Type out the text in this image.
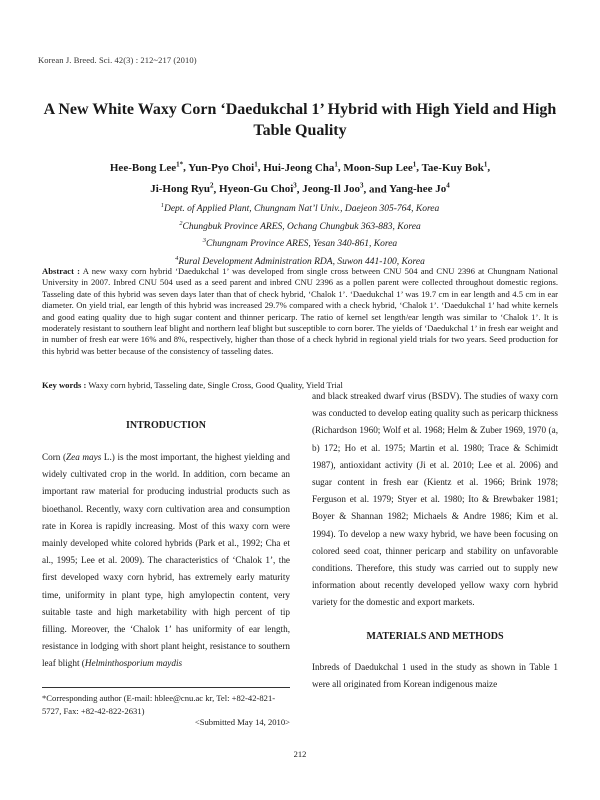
Korean J. Breed. Sci. 42(3) : 212~217 (2010)
A New White Waxy Corn ‘Daedukchal 1’ Hybrid with High Yield and High Table Quality
Hee-Bong Lee$^{1*}$, Yun-Pyo Choi$^1$, Hui-Jeong Cha$^1$, Moon-Sup Lee$^1$, Tae-Kuy Bok$^1$,
Ji-Hong Ryu$^2$, Hyeon-Gu Choi$^3$, Jeong-Il Joo$^3$, and Yang-hee Jo$^4$
$^1$Dept. of Applied Plant, Chungnam Nat’l Univ., Daejeon 305-764, Korea
$^2$Chungbuk Province ARES, Ochang Chungbuk 363-883, Korea
$^3$Chungnam Province ARES, Yesan 340-861, Korea
$^4$Rural Development Administration RDA, Suwon 441-100, Korea
Abstract : A new waxy corn hybrid ‘Daedukchal 1’ was developed from single cross between CNU 504 and CNU 2396 at Chungnam National University in 2007. Inbred CNU 504 used as a seed parent and inbred CNU 2396 as a pollen parent were collected throughout domestic regions. Tasseling date of this hybrid was seven days later than that of check hybrid, ‘Chalok 1’. ‘Daedukchal 1’ was 19.7 cm in ear length and 4.5 cm in ear diameter. On yield trial, ear length of this hybrid was increased 29.7% compared with a check hybrid, ‘Chalok 1’. ‘Daedukchal 1’ had white kernels and good eating quality due to high sugar content and thinner pericarp. The ratio of kernel set length/ear length was similar to ‘Chalok 1’. It is moderately resistant to southern leaf blight and northern leaf blight but susceptible to corn borer. The yields of ‘Daedukchal 1’ in fresh ear weight and in number of fresh ear were 16% and 8%, respectively, higher than those of a check hybrid in regional yield trials for two years. Seed production for this hybrid was better because of the consistency of tasseling dates.
Key words : Waxy corn hybrid, Tasseling date, Single Cross, Good Quality, Yield Trial

INTRODUCTION

Corn (Zea mays L.) is the most important, the highest yielding and widely cultivated crop in the world. In addition, corn became an important raw material for producing industrial products such as bioethanol. Recently, waxy corn cultivation area and consumption rate in Korea is rapidly increasing. Most of this waxy corn were mainly developed white colored hybrids (Park et al., 1992; Cha et al., 1995; Lee et al. 2009). The characteristics of ‘Chalok 1’, the first developed waxy corn hybrid, has extremely early maturity time, uniformity in plant type, high amylopectin content, very suitable taste and high marketability with high percent of tip filling. Moreover, the ‘Chalok 1’ has uniformity of ear length, resistance in lodging with short plant height, resistance to southern leaf blight (Helminthosporium maydis

and black streaked dwarf virus (BSDV). The studies of waxy corn was conducted to develop eating quality such as pericarp thickness (Richardson 1960; Wolf et al. 1968; Helm & Zuber 1969, 1970 (a, b) 172; Ho et al. 1975; Martin et al. 1980; Trace & Schimidt 1987), antioxidant activity (Ji et al. 2010; Lee et al. 2006) and sugar content in fresh ear (Kientz et al. 1966; Brink 1978; Ferguson et al. 1979; Styer et al. 1980; Ito & Brewbaker 1981; Boyer & Shannan 1982; Michaels & Andre 1986; Kim et al. 1994). To develop a new waxy hybrid, we have been focusing on colored seed coat, thinner pericarp and stability on unfavorable conditions. Therefore, this study was carried out to supply new information about recently developed yellow waxy corn hybrid variety for the domestic and export markets.

MATERIALS AND METHODS

Inbreds of Daedukchal 1 used in the study as shown in Table 1 were all originated from Korean indigenous maize

*Corresponding author (E-mail: hblee@cnu.ac kr, Tel: +82-42-821-5727, Fax: +82-42-822-2631)
<Submitted May 14, 2010>
212
